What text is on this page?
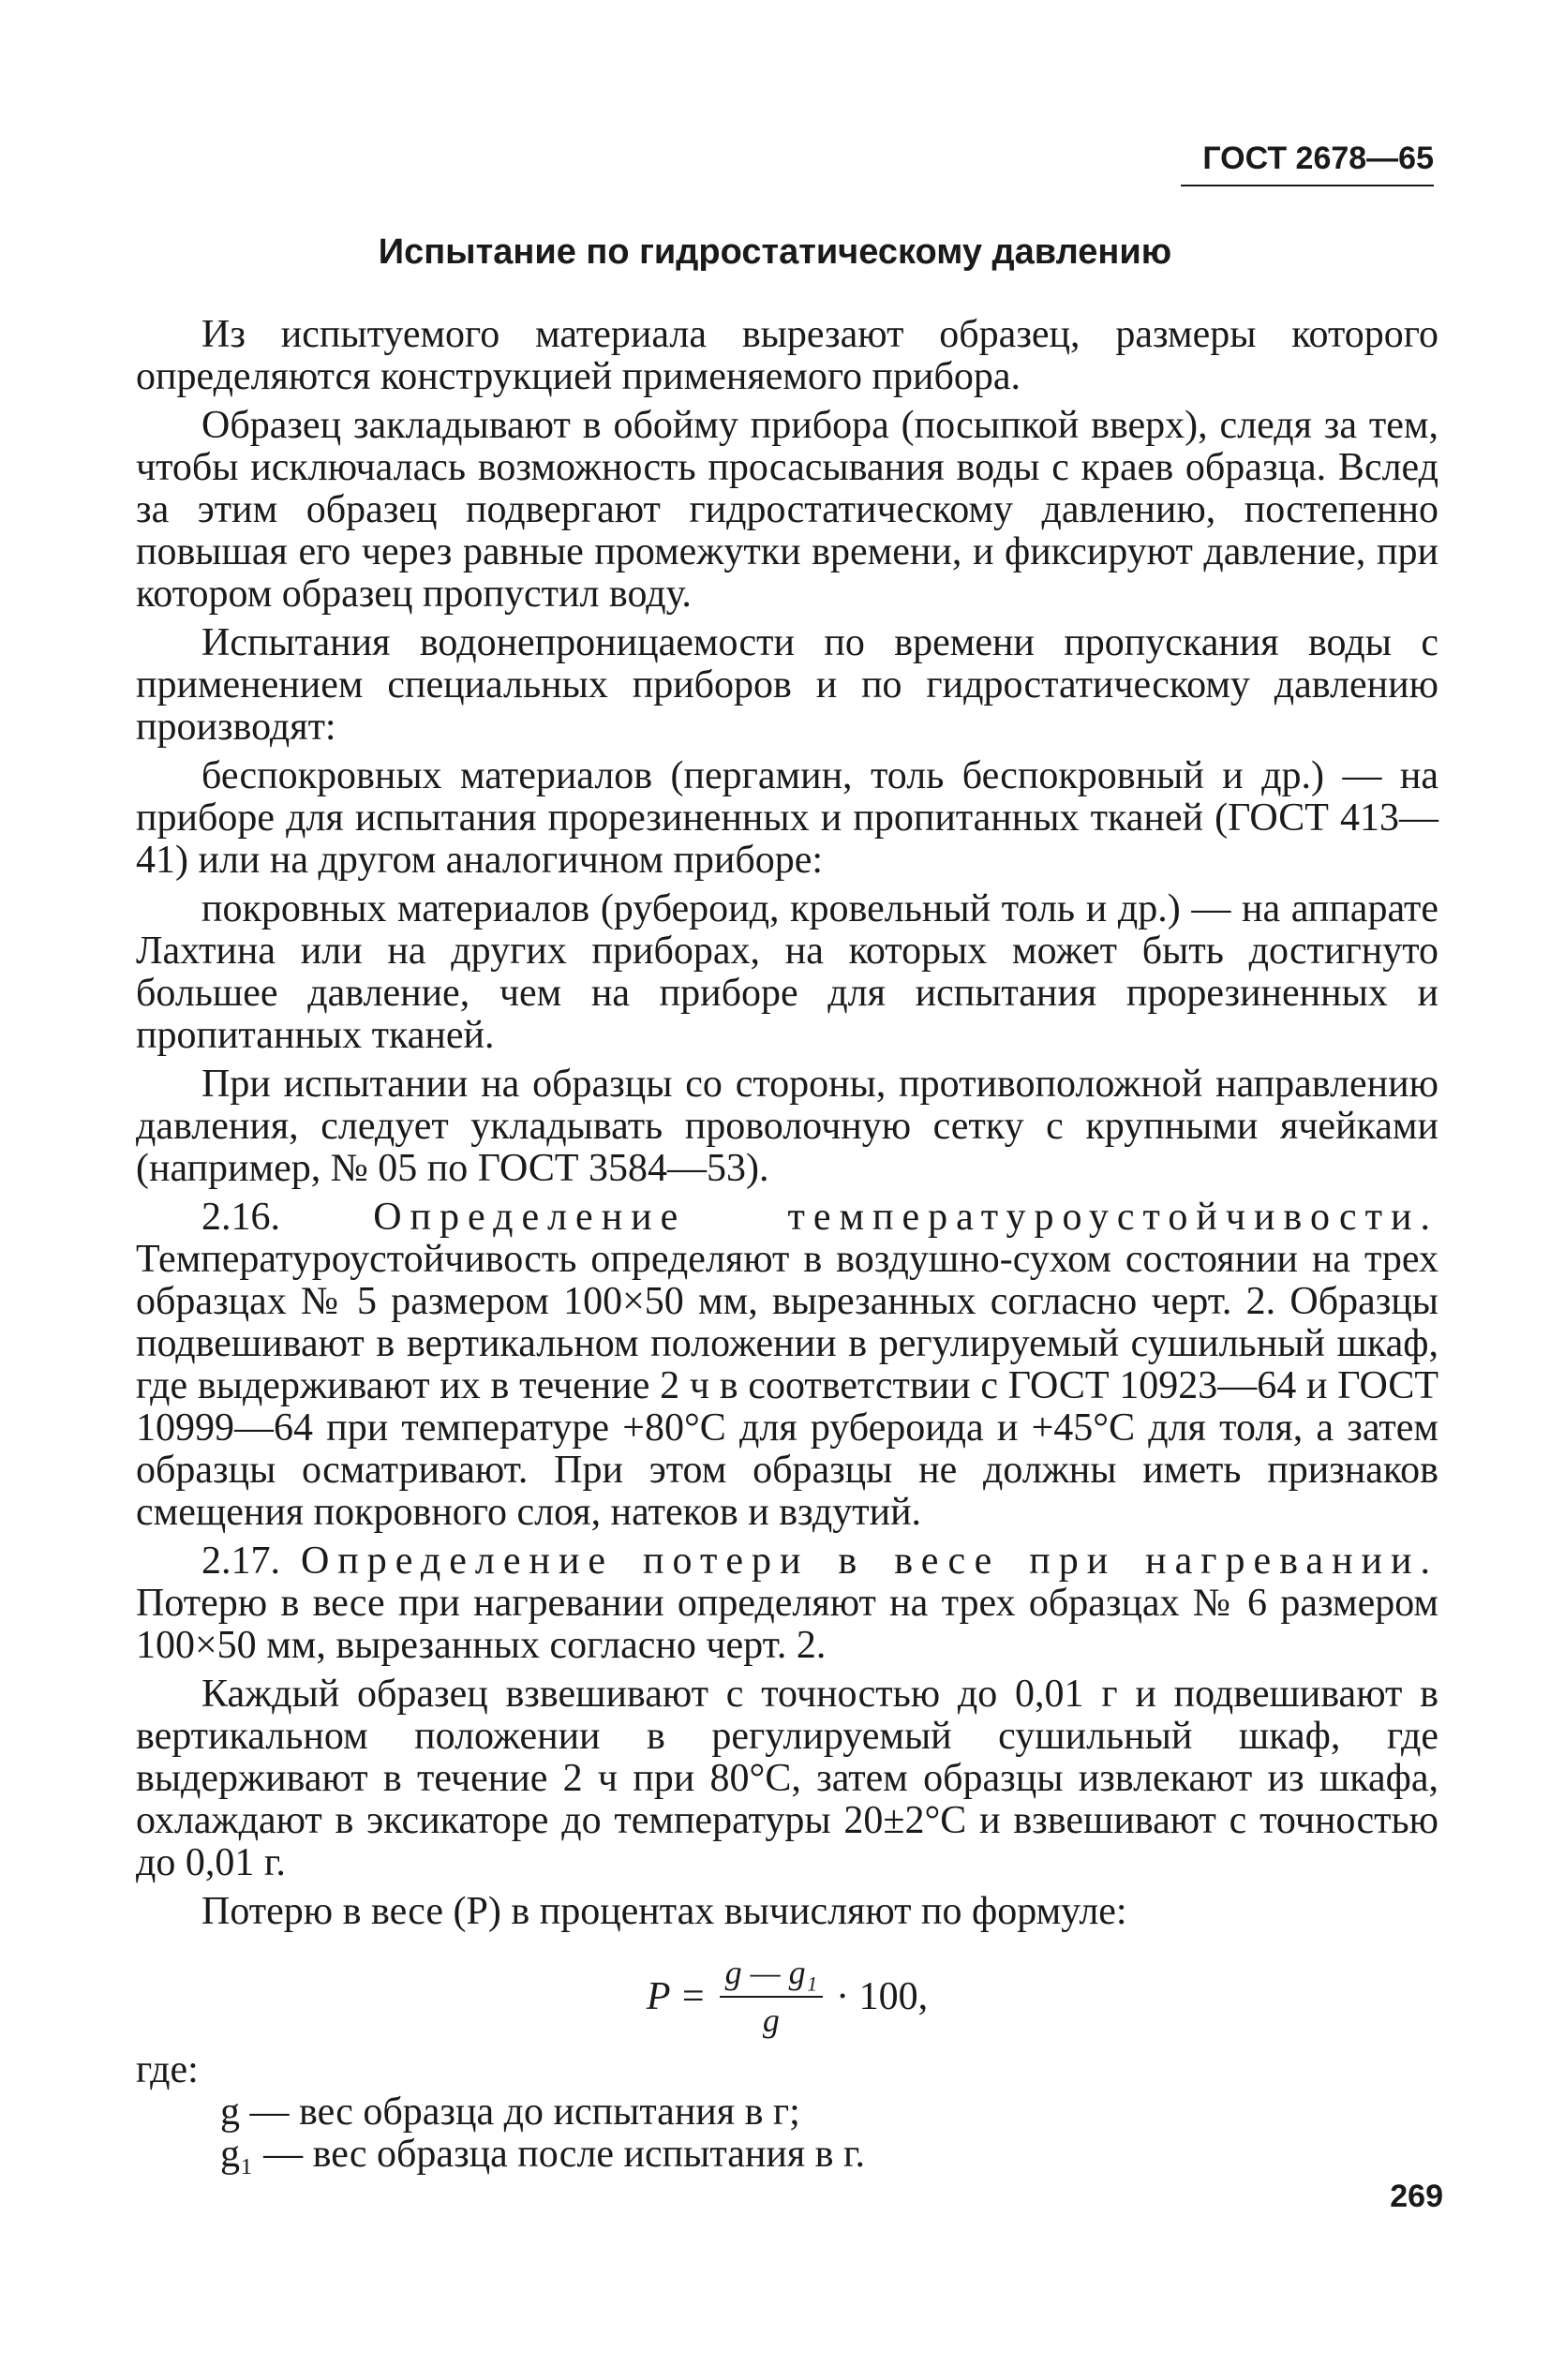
ГОСТ 2678—65
Испытание по гидростатическому давлению

Из испытуемого материала вырезают образец, размеры которого определяются конструкцией применяемого прибора.

Образец закладывают в обойму прибора (посыпкой вверх), следя за тем, чтобы исключалась возможность просасывания воды с краев образца. Вслед за этим образец подвергают гидростатическому давлению, постепенно повышая его через равные промежутки времени, и фиксируют давление, при котором образец пропустил воду.

Испытания водонепроницаемости по времени пропускания воды с применением специальных приборов и по гидростатическому давлению производят:

беспокровных материалов (пергамин, толь беспокровный и др.) — на приборе для испытания прорезиненных и пропитанных тканей (ГОСТ 413—41) или на другом аналогичном приборе:

покровных материалов (рубероид, кровельный толь и др.) — на аппарате Лахтина или на других приборах, на которых может быть достигнуто большее давление, чем на приборе для испытания прорезиненных и пропитанных тканей.

При испытании на образцы со стороны, противоположной направлению давления, следует укладывать проволочную сетку с крупными ячейками (например, № 05 по ГОСТ 3584—53).

2.16. Определение температуроустойчивости. Температуроустойчивость определяют в воздушно-сухом состоянии на трех образцах № 5 размером 100×50 мм, вырезанных согласно черт. 2. Образцы подвешивают в вертикальном положении в регулируемый сушильный шкаф, где выдерживают их в течение 2 ч в соответствии с ГОСТ 10923—64 и ГОСТ 10999—64 при температуре +80°С для рубероида и +45°С для толя, а затем образцы осматривают. При этом образцы не должны иметь признаков смещения покровного слоя, натеков и вздутий.

2.17. Определение потери в весе при нагревании. Потерю в весе при нагревании определяют на трех образцах № 6 размером 100×50 мм, вырезанных согласно черт. 2.

Каждый образец взвешивают с точностью до 0,01 г и подвешивают в вертикальном положении в регулируемый сушильный шкаф, где выдерживают в течение 2 ч при 80°С, затем образцы извлекают из шкафа, охлаждают в эксикаторе до температуры 20±2°С и взвешивают с точностью до 0,01 г.

Потерю в весе (P) в процентах вычисляют по формуле:

$P = \frac{\text{g — g₁}}{g} \cdot 100$,
где:
g — вес образца до испытания в г;
g₁ — вес образца после испытания в г.
269
